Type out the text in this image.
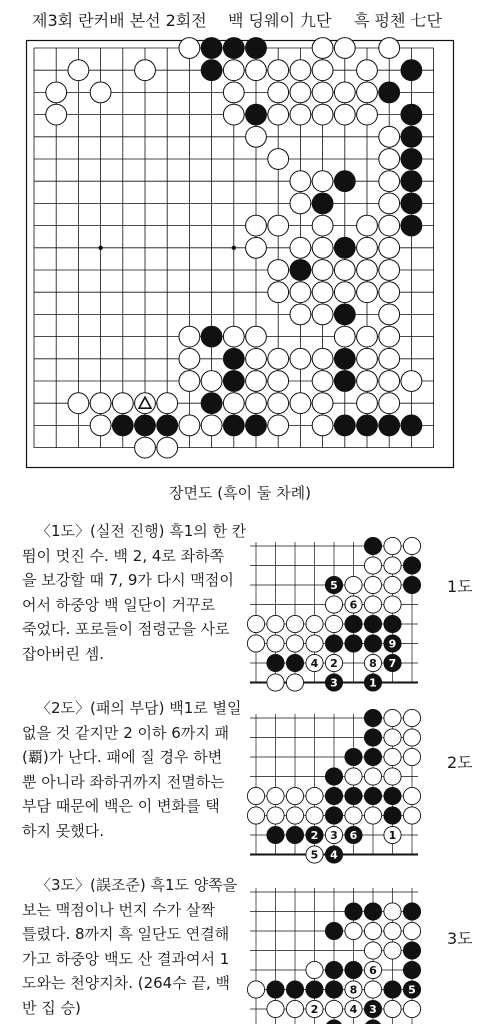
제3회 란커배 본선 2회전 백 딩웨이 九단 흑 펑첸 七단
장면도 (흑이 둘 차례)

〈1도〉(실전 진행) 흑1의 한 칸
뜀이 멋진 수. 백 2, 4로 좌하쪽
을 보강할 때 7, 9가 다시 맥점이
어서 하중앙 백 일단이 거꾸로
죽었다. 포로들이 점령군을 사로
잡아버린 셈.

〈2도〉(패의 부담) 백1로 별일
없을 것 같지만 2 이하 6까지 패
(覇)가 난다. 패에 질 경우 하변
뿐 아니라 좌하귀까지 전멸하는
부담 때문에 백은 이 변화를 택
하지 못했다.

〈3도〉(誤조준) 흑1도 양쪽을
보는 맥점이나 번지 수가 살짝
틀렸다. 8까지 흑 일단도 연결해
가고 하중앙 백도 산 결과여서 1
도와는 천양지차. (264수 끝, 백
반 집 승)

5
6
9
4 2	8 7
3	1
1도
2 3 6	1
5 4
2도
6
5
8
2	4 3
3도
